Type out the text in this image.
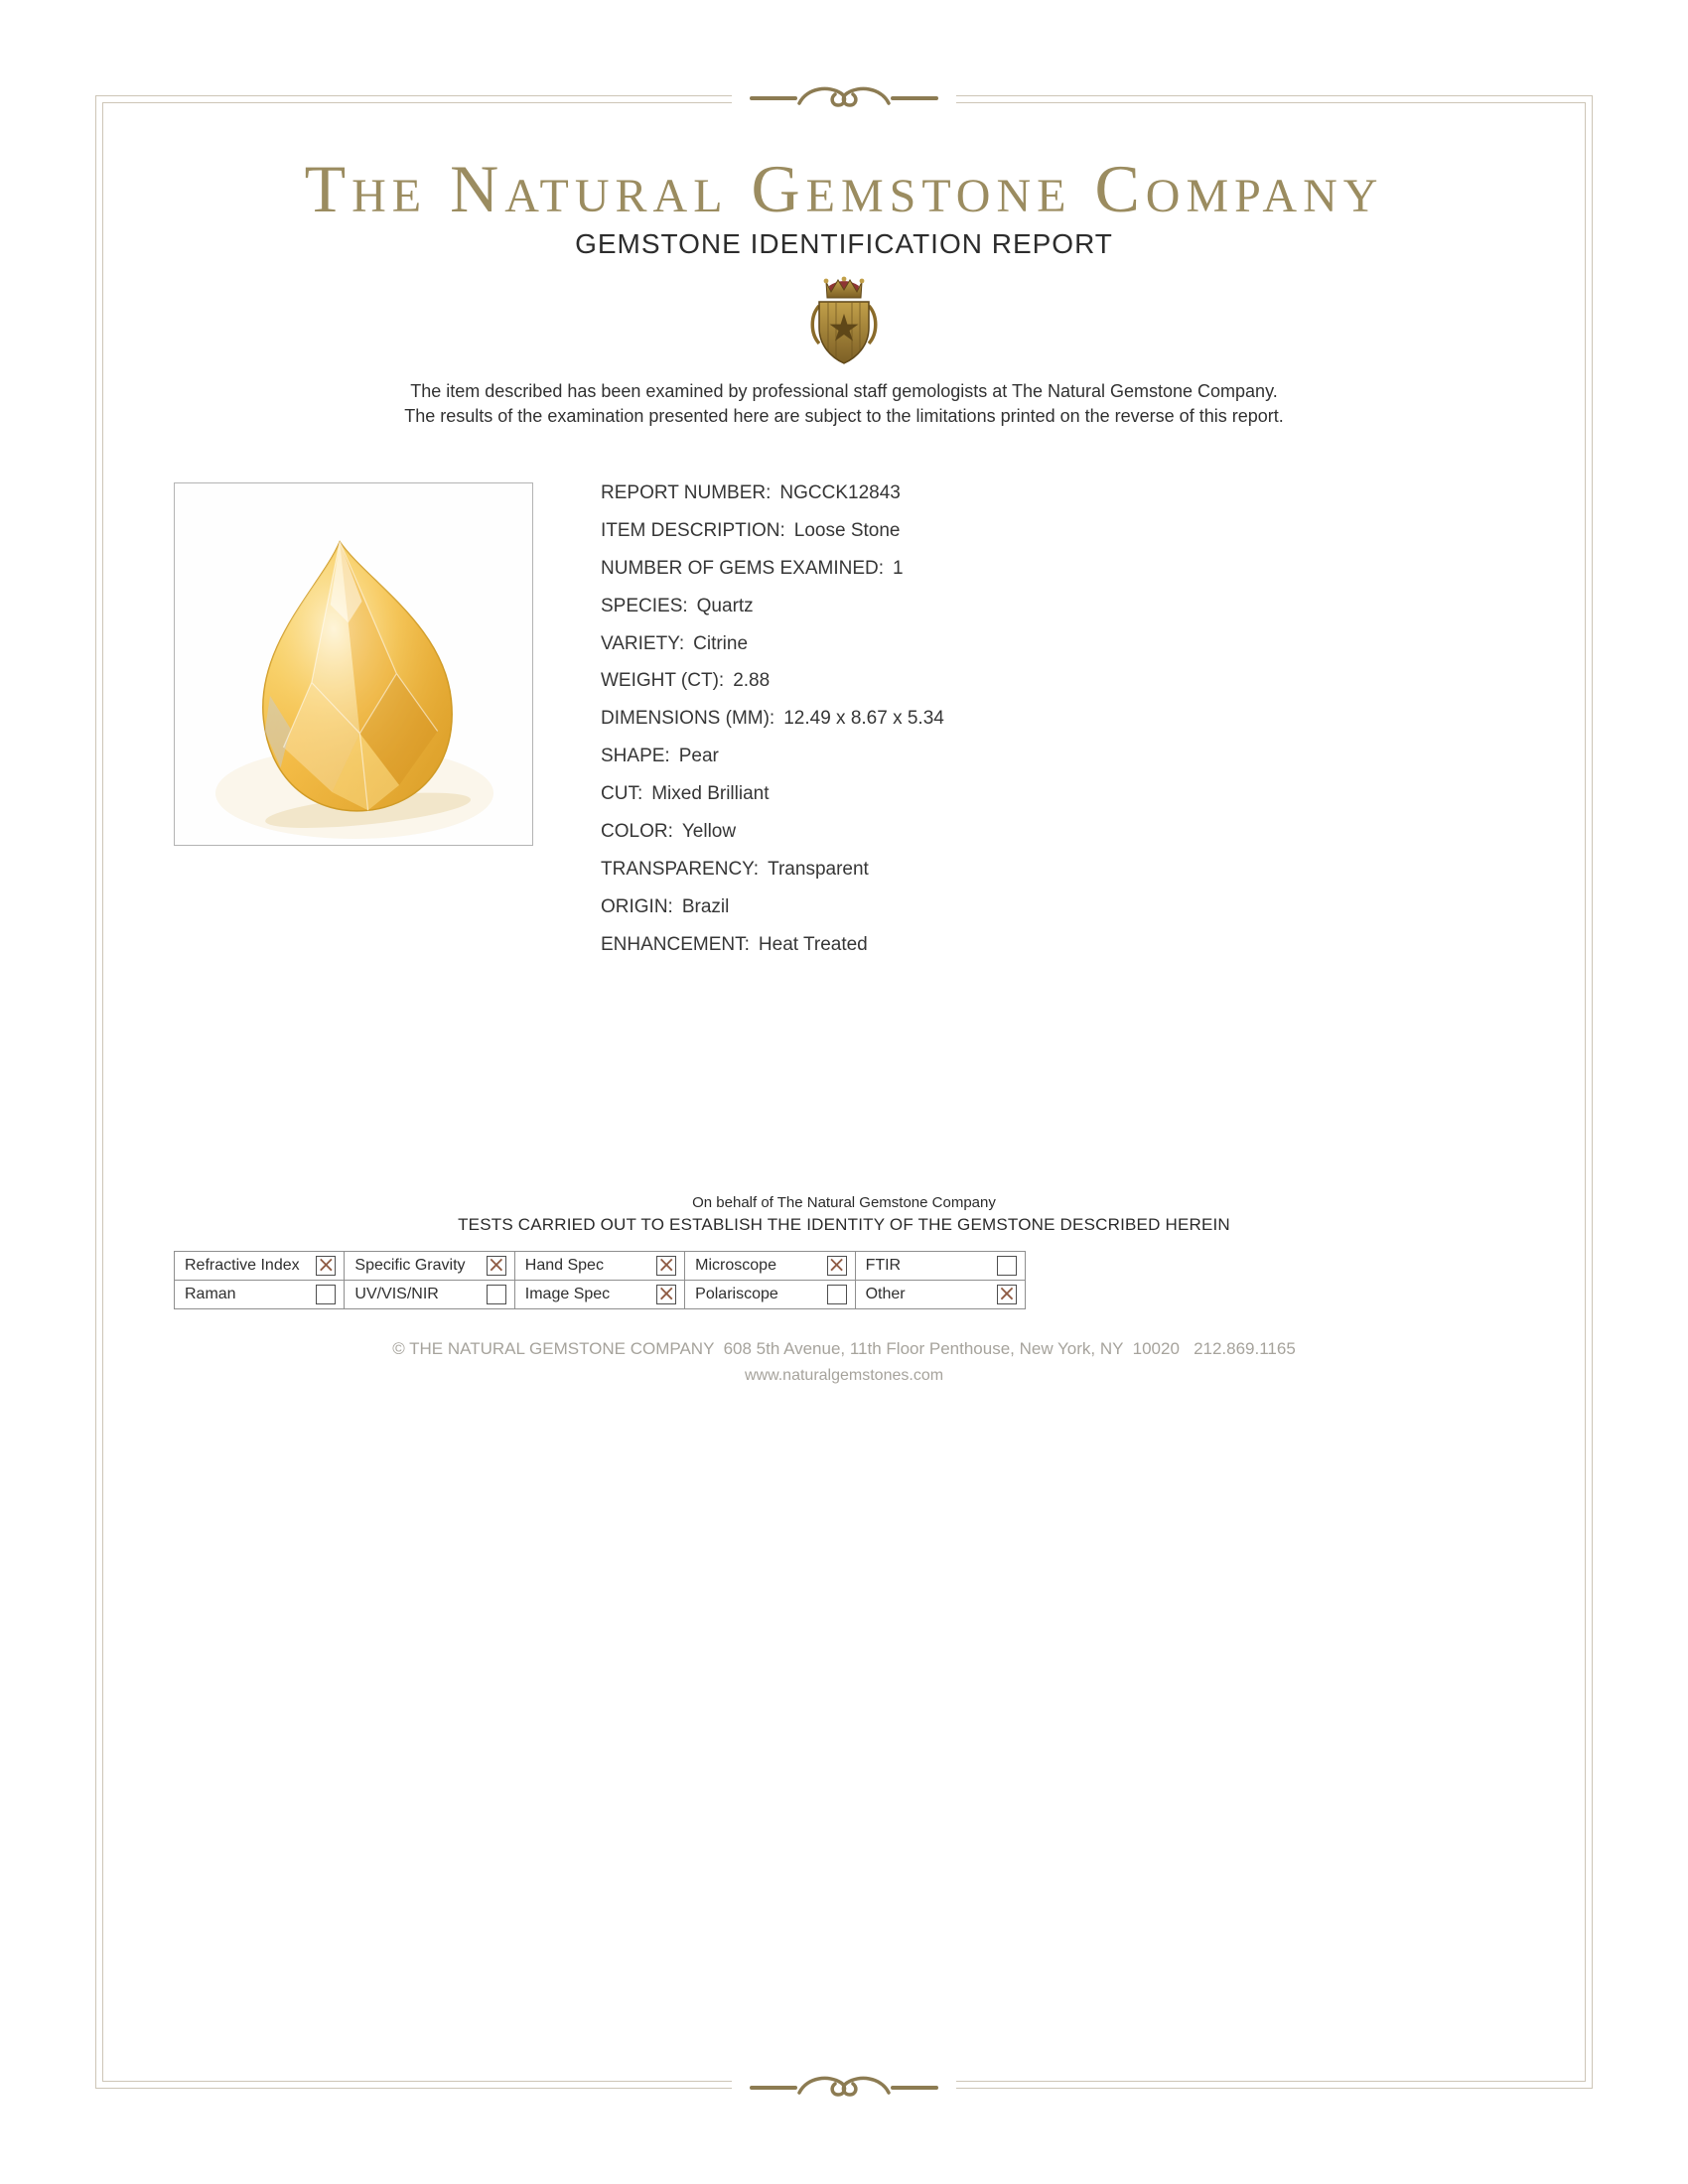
The Natural Gemstone Company
GEMSTONE IDENTIFICATION REPORT
The item described has been examined by professional staff gemologists at The Natural Gemstone Company.
The results of the examination presented here are subject to the limitations printed on the reverse of this report.
REPORT NUMBER: NGCCK12843
ITEM DESCRIPTION: Loose Stone
NUMBER OF GEMS EXAMINED: 1
SPECIES: Quartz
VARIETY: Citrine
WEIGHT (CT): 2.88
DIMENSIONS (MM): 12.49 x 8.67 x 5.34
SHAPE: Pear
CUT: Mixed Brilliant
COLOR: Yellow
TRANSPARENCY: Transparent
ORIGIN: Brazil
ENHANCEMENT: Heat Treated
On behalf of The Natural Gemstone Company
TESTS CARRIED OUT TO ESTABLISH THE IDENTITY OF THE GEMSTONE DESCRIBED HEREIN
Refractive Index × Specific Gravity × Hand Spec × Microscope × FTIR
Raman	UV/VIS/NIR	Image Spec × Polariscope	Other	×
© THE NATURAL GEMSTONE COMPANY  608 5th Avenue, 11th Floor Penthouse, New York, NY  10020   212.869.1165
www.naturalgemstones.com
